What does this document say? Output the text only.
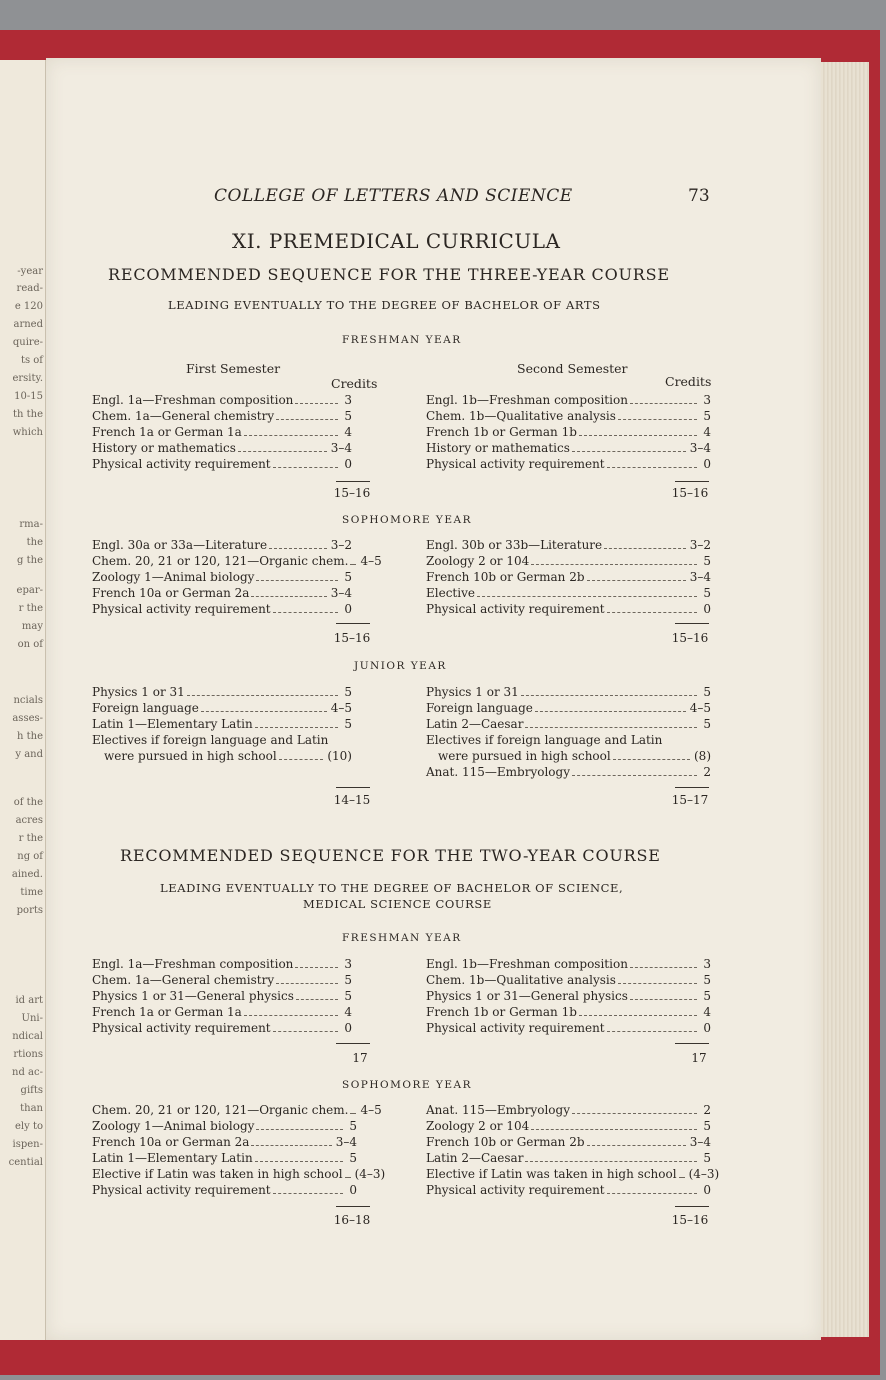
-year
read-
e 120
arned
quire-
ts of
ersity.
10-15
th the
which
rma-
the
g the
epar-
r the
may
on of
ncials
asses-
h the
y and
of the
acres
r the
ng of
ained.
time
ports
id art
Uni-
ndical
rtions
nd ac-
gifts
than
ely to
ispen-
cential
COLLEGE OF LETTERS AND SCIENCE	73
XI. PREMEDICAL CURRICULA
RECOMMENDED SEQUENCE FOR THE THREE-YEAR COURSE
LEADING EVENTUALLY TO THE DEGREE OF BACHELOR OF ARTS
FRESHMAN YEAR
First Semester	Second Semester
Credits	Credits
Engl. 1a—Freshman composition	3
Chem. 1a—General chemistry	5
French 1a or German 1a	4
History or mathematics	3–4
Physical activity requirement	0
Engl. 1b—Freshman composition	3
Chem. 1b—Qualitative analysis	5
French 1b or German 1b	4
History or mathematics	3–4
Physical activity requirement	0
15–16	15–16
SOPHOMORE YEAR
Engl. 30a or 33a—Literature	3–2
Chem. 20, 21 or 120, 121—Organic chem. 4–5
Zoology 1—Animal biology	5
French 10a or German 2a	3–4
Physical activity requirement	0
Engl. 30b or 33b—Literature	3–2
Zoology 2 or 104	5
French 10b or German 2b	3–4
Elective	5
Physical activity requirement	0
15–16	15–16
JUNIOR YEAR
Physics 1 or 31	5
Foreign language	4–5
Latin 1—Elementary Latin	5
Electives if foreign language and Latin
were pursued in high school	(10)
Physics 1 or 31	5
Foreign language	4–5
Latin 2—Caesar	5
Electives if foreign language and Latin
were pursued in high school	(8)
Anat. 115—Embryology	2
14–15	15–17
RECOMMENDED SEQUENCE FOR THE TWO-YEAR COURSE
LEADING EVENTUALLY TO THE DEGREE OF BACHELOR OF SCIENCE,
MEDICAL SCIENCE COURSE
FRESHMAN YEAR
Engl. 1a—Freshman composition	3
Chem. 1a—General chemistry	5
Physics 1 or 31—General physics	5
French 1a or German 1a	4
Physical activity requirement	0
Engl. 1b—Freshman composition	3
Chem. 1b—Qualitative analysis	5
Physics 1 or 31—General physics	5
French 1b or German 1b	4
Physical activity requirement	0
17	17
SOPHOMORE YEAR
Chem. 20, 21 or 120, 121—Organic chem. 4–5
Zoology 1—Animal biology	5
French 10a or German 2a	3–4
Latin 1—Elementary Latin	5
Elective if Latin was taken in high school (4–3)
Physical activity requirement	0
Anat. 115—Embryology	2
Zoology 2 or 104	5
French 10b or German 2b	3–4
Latin 2—Caesar	5
Elective if Latin was taken in high school (4–3)
Physical activity requirement	0
16–18	15–16
